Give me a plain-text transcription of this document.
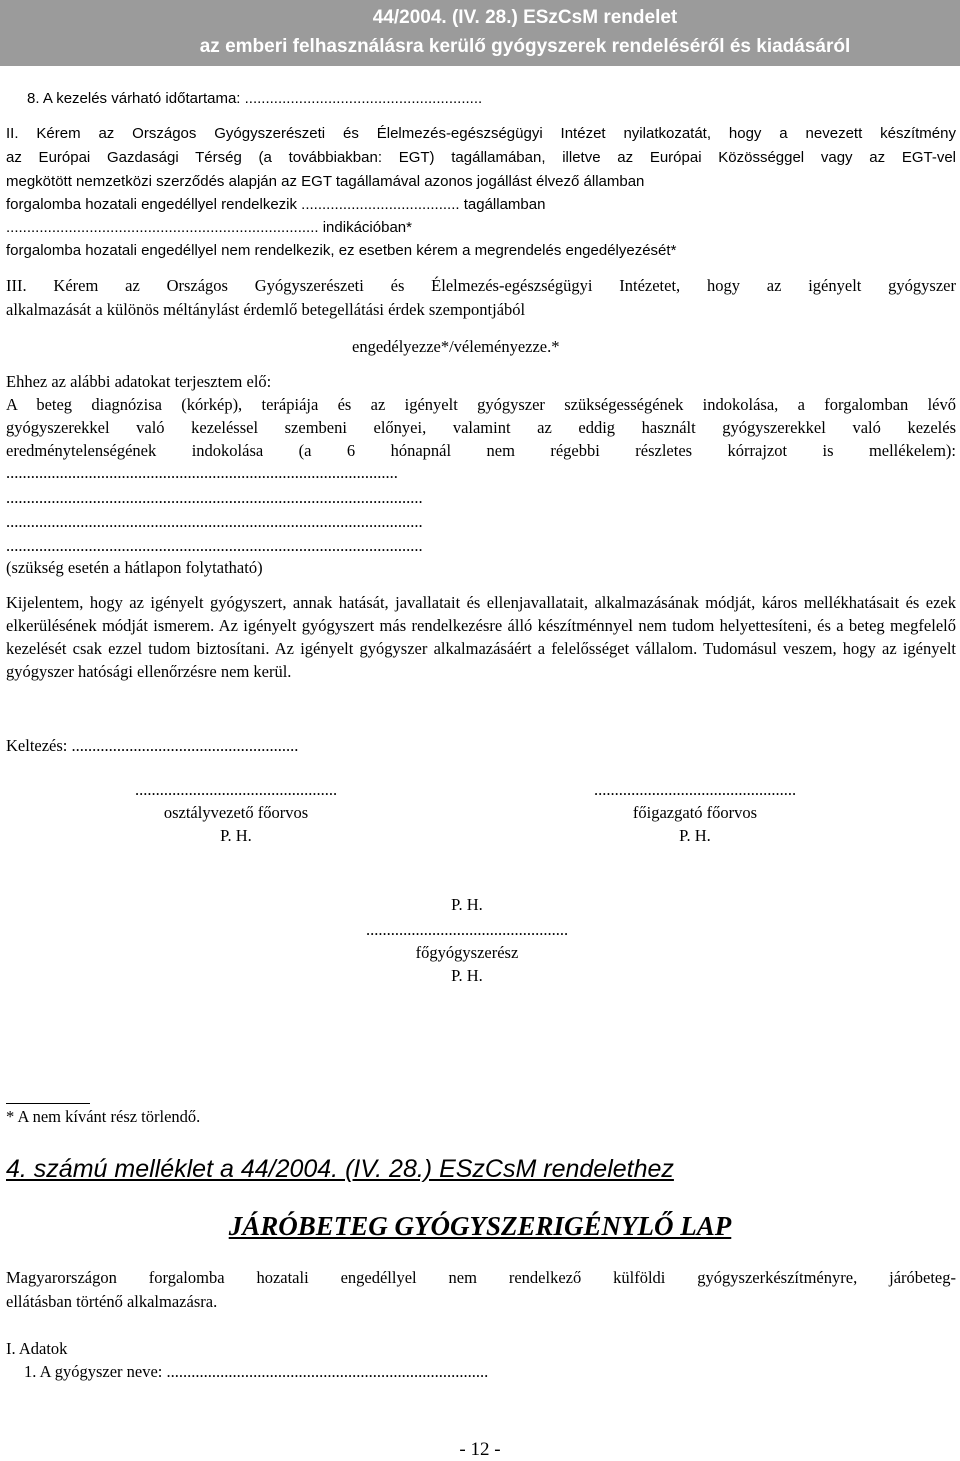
44/2004. (IV. 28.) ESzCsM rendelet
az emberi felhasználásra kerülő gyógyszerek rendeléséről és kiadásáról
8. A kezelés várható időtartama: .........................................................
II. Kérem az Országos Gyógyszerészeti és Élelmezés-egészségügyi Intézet nyilatkozatát, hogy a nevezett készítmény
az Európai Gazdasági Térség (a továbbiakban: EGT) tagállamában, illetve az Európai Közösséggel vagy az EGT-vel
megkötött nemzetközi szerződés alapján az EGT tagállamával azonos jogállást élvező államban
forgalomba hozatali engedéllyel rendelkezik ...................................... tagállamban
........................................................................... indikációban*
forgalomba hozatali engedéllyel nem rendelkezik, ez esetben kérem a megrendelés engedélyezését*
III. Kérem az Országos Gyógyszerészeti és Élelmezés-egészségügyi Intézetet, hogy az igényelt gyógyszer
alkalmazását a különös méltánylást érdemlő betegellátási érdek szempontjából
engedélyezze*/véleményezze.*
Ehhez az alábbi adatokat terjesztem elő:
A beteg diagnózisa (kórkép), terápiája és az igényelt gyógyszer szükségességének indokolása, a forgalomban lévő
gyógyszerekkel való kezeléssel szembeni előnyei, valamint az eddig használt gyógyszerekkel való kezelés
eredménytelenségének indokolása (a 6 hónapnál nem régebbi részletes kórrajzot is mellékelem):
...............................................................................................
.....................................................................................................
.....................................................................................................
.....................................................................................................
(szükség esetén a hátlapon folytatható)
Kijelentem, hogy az igényelt gyógyszert, annak hatását, javallatait és ellenjavallatait, alkalmazásának módját, káros mellékhatásait és ezek elkerülésének módját ismerem. Az igényelt gyógyszert más rendelkezésre álló készítménnyel nem tudom helyettesíteni, és a beteg megfelelő kezelését csak ezzel tudom biztosítani. Az igényelt gyógyszer alkalmazásáért a felelősséget vállalom. Tudomásul veszem, hogy az igényelt gyógyszer hatósági ellenőrzésre nem kerül.
Keltezés: .......................................................
.................................................
osztályvezető főorvos
P. H.
.................................................
főigazgató főorvos
P. H.
P. H.
.................................................
főgyógyszerész
P. H.
* A nem kívánt rész törlendő.
4. számú melléklet a 44/2004. (IV. 28.) ESzCsM rendelethez
JÁRÓBETEG GYÓGYSZERIGÉNYLŐ LAP
Magyarországon forgalomba hozatali engedéllyel nem rendelkező külföldi gyógyszerkészítményre, járóbeteg-
ellátásban történő alkalmazásra.
I. Adatok
1. A gyógyszer neve: ..............................................................................
- 12 -
